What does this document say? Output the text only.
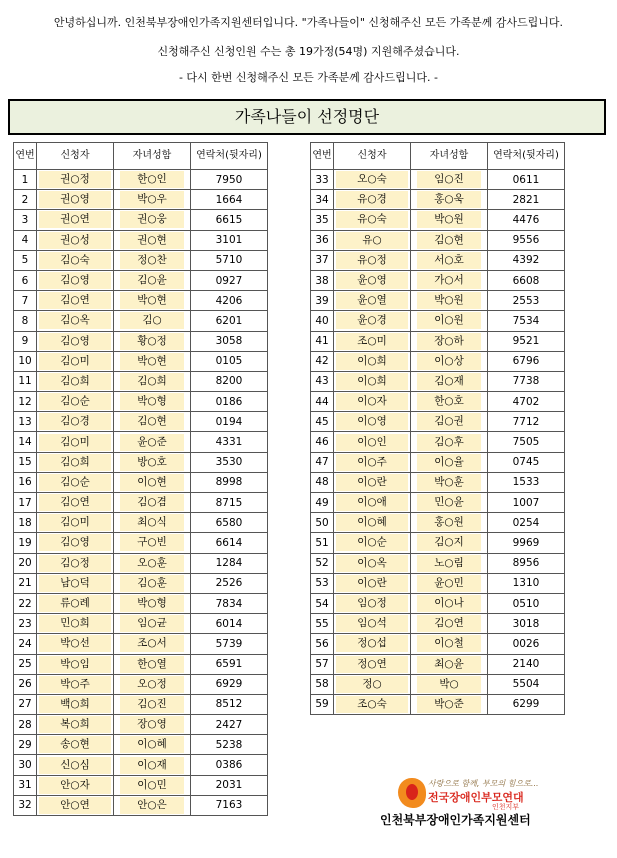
안녕하십니까. 인천북부장애인가족지원센터입니다. "가족나들이" 신청해주신 모든 가족분께 감사드립니다.
신청해주신 신청인원 수는 총 19가정(54명) 지원해주셨습니다.
- 다시 한번 신청해주신 모든 가족분께 감사드립니다. -
가족나들이 선정명단
연번	신청자	자녀성함	연락처(뒷자리)
1	권○정	한○인	7950
2	권○영	박○우	1664
3	권○연	권○웅	6615
4	권○성	권○현	3101
5	김○숙	정○찬	5710
6	김○영	김○윤	0927
7	김○연	박○현	4206
8	김○옥	김○	6201
9	김○영	황○정	3058
10	김○미	박○현	0105
11	김○희	김○희	8200
12	김○순	박○형	0186
13	김○경	김○현	0194
14	김○미	윤○준	4331
15	김○희	방○호	3530
16	김○순	이○현	8998
17	김○연	김○겸	8715
18	김○미	최○식	6580
19	김○영	구○빈	6614
20	김○정	오○훈	1284
21	남○덕	김○훈	2526
22	류○례	박○형	7834
23	민○희	임○균	6014
24	박○선	조○서	5739
25	박○임	한○열	6591
26	박○주	오○정	6929
27	백○희	김○진	8512
28	복○희	장○영	2427
29	송○현	이○혜	5238
30	신○심	이○재	0386
31	안○자	이○민	2031
32	안○연	안○은	7163
연번	신청자	자녀성함	연락처(뒷자리)
33	오○숙	임○진	0611
34	유○경	홍○욱	2821
35	유○숙	박○원	4476
36	유○	김○현	9556
37	유○정	서○호	4392
38	윤○영	가○서	6608
39	윤○열	박○원	2553
40	윤○경	이○원	7534
41	조○미	장○하	9521
42	이○희	이○상	6796
43	이○희	김○재	7738
44	이○자	한○호	4702
45	이○영	김○권	7712
46	이○인	김○후	7505
47	이○주	이○율	0745
48	이○란	박○훈	1533
49	이○애	민○윤	1007
50	이○혜	홍○원	0254
51	이○순	김○지	9969
52	이○옥	노○림	8956
53	이○란	윤○민	1310
54	임○정	이○나	0510
55	임○석	김○연	3018
56	정○섭	이○철	0026
57	정○연	최○윤	2140
58	정○	박○	5504
59	조○숙	박○준	6299
사랑으로 함께, 부모의 힘으로...
전국장애인부모연대
인천지부
인천북부장애인가족지원센터
